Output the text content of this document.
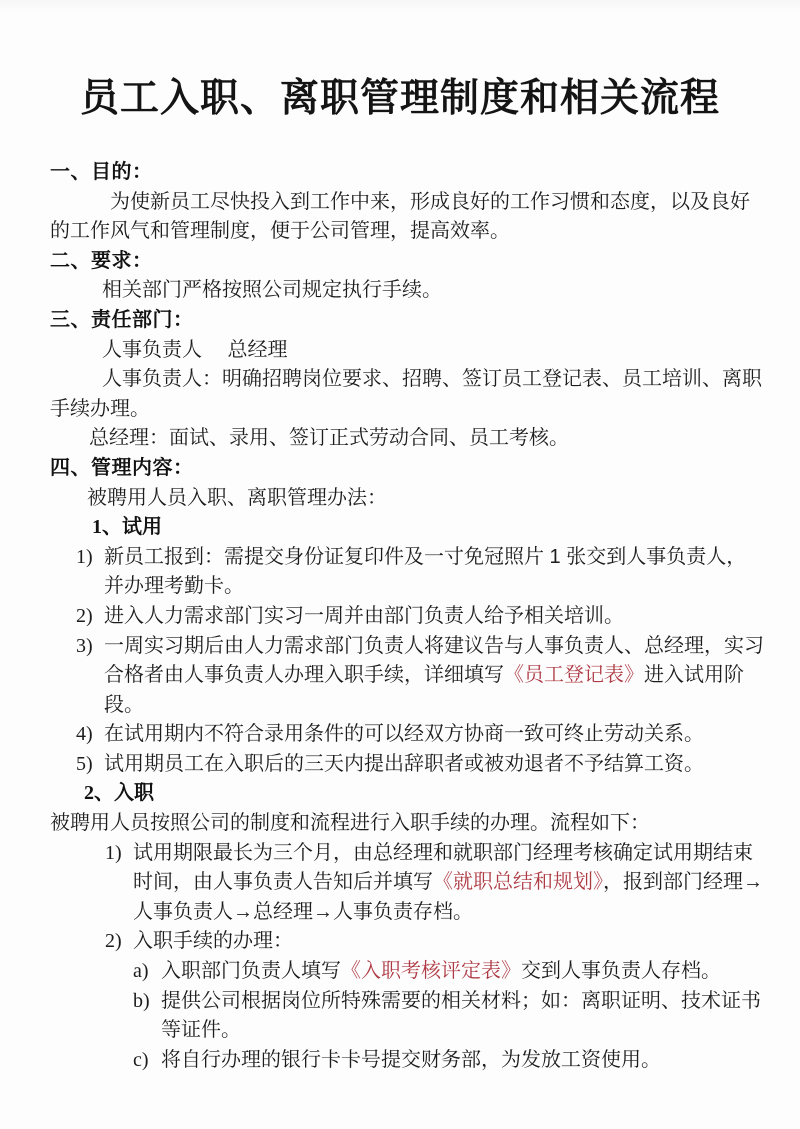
员工入职、离职管理制度和相关流程

一、目的：

为使新员工尽快投入到工作中来，形成良好的工作习惯和态度，以及良好的工作风气和管理制度，便于公司管理，提高效率。

二、要求：

相关部门严格按照公司规定执行手续。

三、责任部门：

人事负责人　 总经理

人事负责人：明确招聘岗位要求、招聘、签订员工登记表、员工培训、离职手续办理。

总经理：面试、录用、签订正式劳动合同、员工考核。

四、管理内容：

被聘用人员入职、离职管理办法：

1、试用

1) 新员工报到：需提交身份证复印件及一寸免冠照片 1 张交到人事负责人，并办理考勤卡。
2) 进入人力需求部门实习一周并由部门负责人给予相关培训。
3) 一周实习期后由人力需求部门负责人将建议告与人事负责人、总经理，实习合格者由人事负责人办理入职手续，详细填写《员工登记表》进入试用阶段。
4) 在试用期内不符合录用条件的可以经双方协商一致可终止劳动关系。
5) 试用期员工在入职后的三天内提出辞职者或被劝退者不予结算工资。

2、入职

被聘用人员按照公司的制度和流程进行入职手续的办理。流程如下：

1) 试用期限最长为三个月，由总经理和就职部门经理考核确定试用期结束时间，由人事负责人告知后并填写《就职总结和规划》，报到部门经理→人事负责人→总经理→人事负责存档。
2) 入职手续的办理：
a) 入职部门负责人填写《入职考核评定表》交到人事负责人存档。
b) 提供公司根据岗位所特殊需要的相关材料；如：离职证明、技术证书等证件。
c) 将自行办理的银行卡卡号提交财务部，为发放工资使用。
